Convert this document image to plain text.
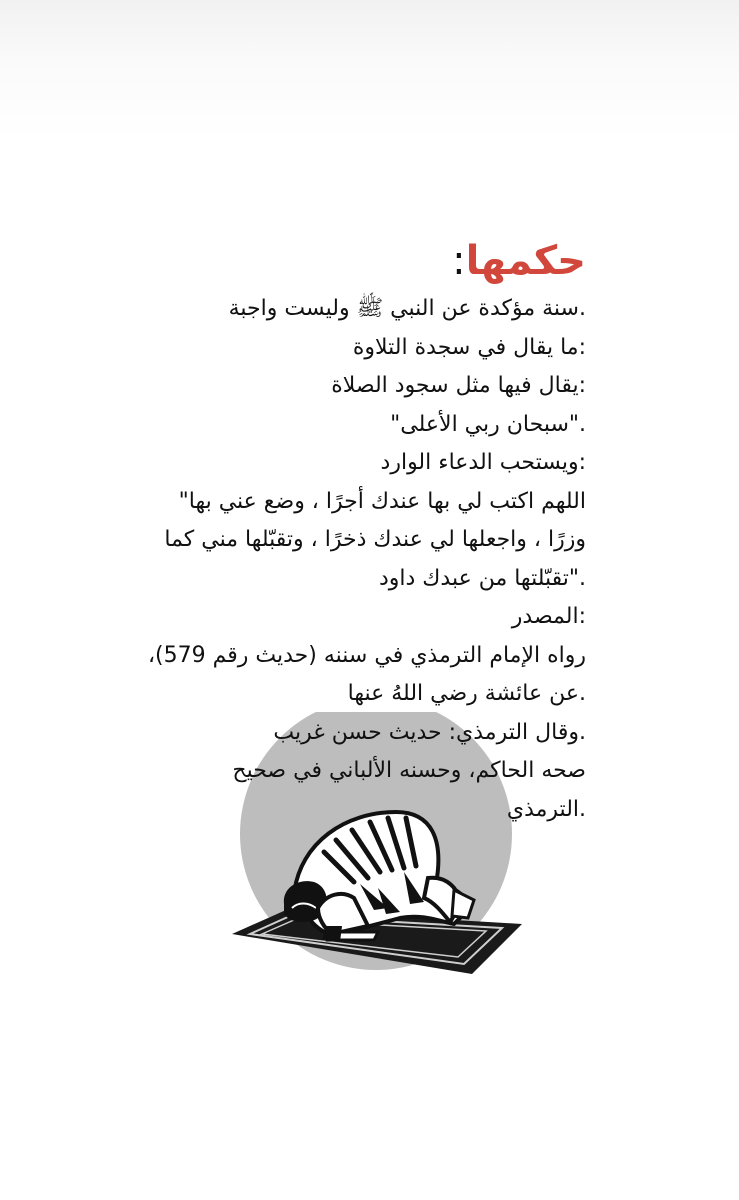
حكمها:
.سنة مؤكدة عن النبي ﷺ وليست واجبة
:ما يقال في سجدة التلاوة
:يقال فيها مثل سجود الصلاة
."سبحان ربي الأعلى"
:ويستحب الدعاء الوارد
اللهم اكتب لي بها عندك أجرًا ، وضع عني بها"
وزرًا ، واجعلها لي عندك ذخرًا ، وتقبّلها مني كما
."تقبّلتها من عبدك داود
:المصدر
رواه الإمام الترمذي في سننه (حديث رقم 579)،
.عن عائشة رضي اللهُ عنها
.وقال الترمذي: حديث حسن غريب
صحه الحاكم، وحسنه الألباني في صحيح
.الترمذي
